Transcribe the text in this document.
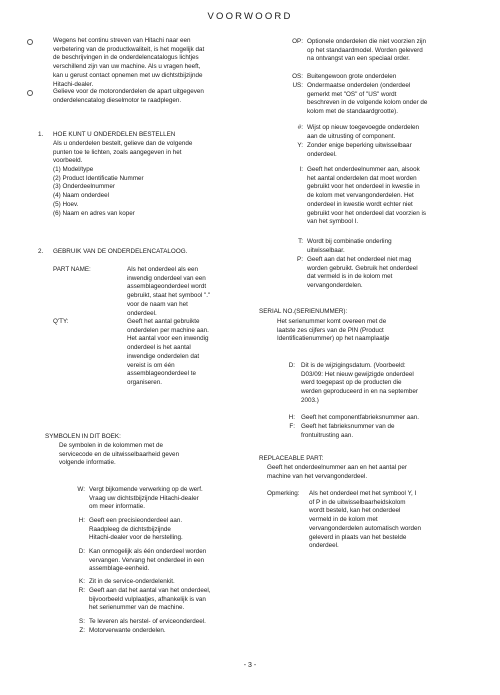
VOORWOORD
Wegens het continu streven van Hitachi naar een
verbetering van de productkwaliteit, is het mogelijk dat
de beschrijvingen in de onderdelencatalogus lichtjes
verschillend zijn van uw machine. Als u vragen heeft,
kan u gerust contact opnemen met uw dichtstbijzijnde
Hitachi-dealer.
Gelieve voor de motoronderdelen de apart uitgegeven
onderdelencatalog dieselmotor te raadplegen.
1. HOE KUNT U ONDERDELEN BESTELLEN
Als u onderdelen bestelt, gelieve dan de volgende
punten toe te lichten, zoals aangegeven in het
voorbeeld.
(1) Model/type
(2) Product Identificatie Nummer
(3) Onderdeelnummer
(4) Naam onderdeel
(5) Hoev.
(6) Naam en adres van koper
2. GEBRUIK VAN DE ONDERDELENCATALOOG.
PART NAME:	Als het onderdeel als een
inwendig onderdeel van een
assemblageonderdeel wordt
gebruikt, staat het symbool "."
voor de naam van het
onderdeel.
Q'TY:	Geeft het aantal gebruikte
onderdelen per machine aan.
Het aantal voor een inwendig
onderdeel is het aantal
inwendige onderdelen dat
vereist is om één
assemblageonderdeel te
organiseren.
SYMBOLEN IN DIT BOEK:
De symbolen in de kolommen met de
servicecode en de uitwisselbaarheid geven
volgende informatie.
W: Vergt bijkomende verwerking op de werf.
Vraag uw dichtstbijzijnde Hitachi-dealer
om meer informatie.
H: Geeft een precisieonderdeel aan.
Raadpleeg de dichtstbijzijnde
Hitachi-dealer voor de herstelling.
D: Kan onmogelijk als één onderdeel worden
vervangen. Vervang het onderdeel in een
assemblage-eenheid.
K: Zit in de service-onderdelenkit.
R: Geeft aan dat het aantal van het onderdeel,
bijvoorbeeld vulplaatjes, afhankelijk is van
het serienummer van de machine.
S: Te leveren als herstel- of erviceonderdeel.
Z: Motorverwante onderdelen.
OP: Optionele onderdelen die niet voorzien zijn
op het standaardmodel. Worden geleverd
na ontvangst van een speciaal order.
OS: Buitengewoon grote onderdelen
US: Ondermaatse onderdelen (onderdeel
gemerkt met "OS" of "US" wordt
beschreven in de volgende kolom onder de
kolom met de standaardgrootte).
#: Wijst op nieuw toegevoegde onderdelen
aan de uitrusting of component.
Y: Zonder enige beperking uitwisselbaar
onderdeel.
I: Geeft het onderdeelnummer aan, alsook
het aantal onderdelen dat moet worden
gebruikt voor het onderdeel in kwestie in
de kolom met vervangonderdelen. Het
onderdeel in kwestie wordt echter niet
gebruikt voor het onderdeel dat voorzien is
van het symbool I.
T: Wordt bij combinatie onderling
uitwisselbaar.
P: Geeft aan dat het onderdeel niet mag
worden gebruikt. Gebruik het onderdeel
dat vermeld is in de kolom met
vervangonderdelen.
SERIAL NO.(SERIENUMMER):
Het serienummer komt overeen met de
laatste zes cijfers van de PIN (Product
Identificatienummer) op het naamplaatje
D: Dit is de wijzigingsdatum. (Voorbeeld:
D03/09: Het nieuw gewijzigde onderdeel
werd toegepast op de producten die
werden geproduceerd in en na september
2003.)
H: Geeft het componentfabrieksnummer aan.
F: Geeft het fabrieksnummer van de
frontuitrusting aan.
REPLACEABLE PART:
Geeft het onderdeelnummer aan en het aantal per
machine van het vervangonderdeel.
Opmerking: Als het onderdeel met het symbool Y, I
of P in de uitwisselbaarheidskolom
wordt besteld, kan het onderdeel
vermeld in de kolom met
vervangonderdelen automatisch worden
geleverd in plaats van het bestelde
onderdeel.
- 3 -
